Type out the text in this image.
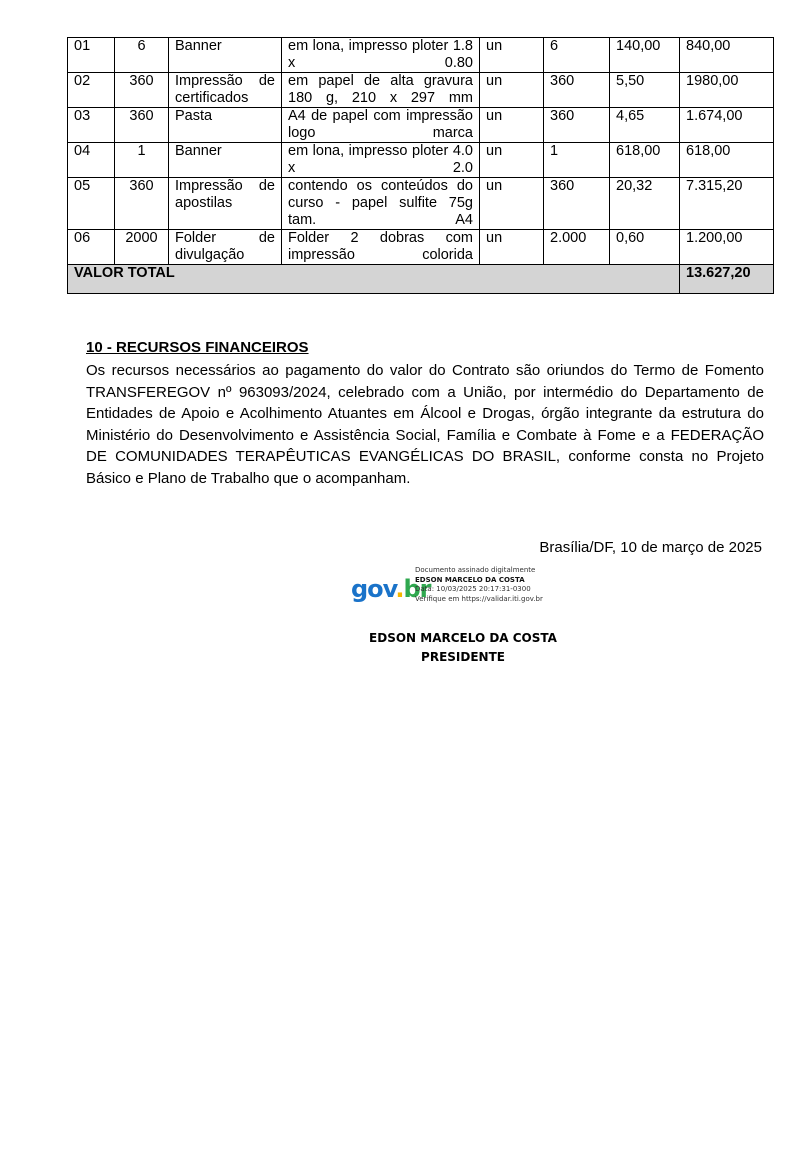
01	6	Banner	em lona, impresso ploter 1.8 x 0.80	un	6	140,00	840,00
02	360	Impressão de certificados	em papel de alta gravura 180 g, 210 x 297 mm	un	360	5,50	1980,00
03	360	Pasta	A4 de papel com impressão logo marca	un	360	4,65	1.674,00
04	1	Banner	em lona, impresso ploter 4.0 x 2.0	un	1	618,00	618,00
05	360	Impressão de apostilas	contendo os conteúdos do curso - papel sulfite 75g tam. A4	un	360	20,32	7.315,20
06	2000	Folder de divulgação	Folder 2 dobras com impressão colorida	un	2.000	0,60	1.200,00
VALOR TOTAL							13.627,20
10 - RECURSOS FINANCEIROS
Os recursos necessários ao pagamento do valor do Contrato são oriundos do Termo de Fomento TRANSFEREGOV nº 963093/2024, celebrado com a União, por intermédio do Departamento de Entidades de Apoio e Acolhimento Atuantes em Álcool e Drogas, órgão integrante da estrutura do Ministério do Desenvolvimento e Assistência Social, Família e Combate à Fome e a FEDERAÇÃO DE COMUNIDADES TERAPÊUTICAS EVANGÉLICAS DO BRASIL, conforme consta no Projeto Básico e Plano de Trabalho que o acompanham.
Brasília/DF, 10 de março de 2025
gov.br
Documento assinado digitalmente
EDSON MARCELO DA COSTA
Data: 10/03/2025 20:17:31-0300
Verifique em https://validar.iti.gov.br
EDSON MARCELO DA COSTA
PRESIDENTE
